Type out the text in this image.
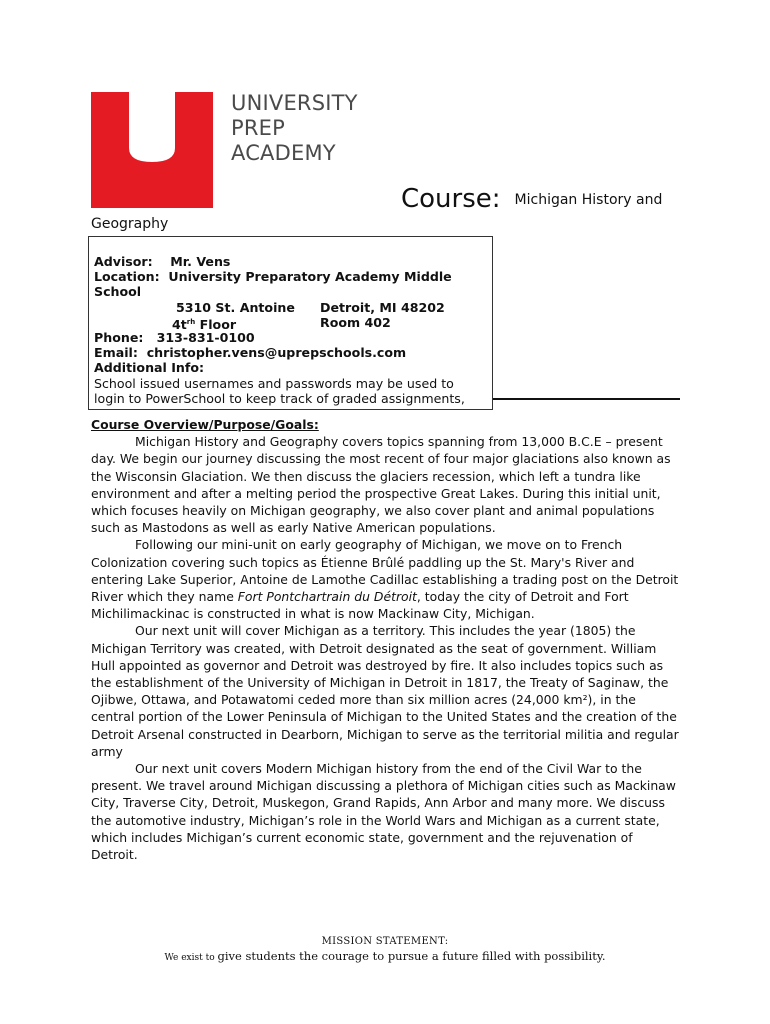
UNIVERSITY
PREP
ACADEMY
Course: Michigan History and
Geography
Advisor: Mr. Vens
Location: University Preparatory Academy Middle
School
5310 St. Antoine Detroit, MI 48202
$4t^{rh}$ Floor	Room 402
Phone: 313-831-0100
Email: christopher.vens@uprepschools.com
Additional Info:
School issued usernames and passwords may be used to
login to PowerSchool to keep track of graded assignments,
Course Overview/Purpose/Goals:

Michigan History and Geography covers topics spanning from 13,000 B.C.E – present day. We begin our journey discussing the most recent of four major glaciations also known as the Wisconsin Glaciation. We then discuss the glaciers recession, which left a tundra like environment and after a melting period the prospective Great Lakes. During this initial unit, which focuses heavily on Michigan geography, we also cover plant and animal populations such as Mastodons as well as early Native American populations.

Following our mini-unit on early geography of Michigan, we move on to French Colonization covering such topics as Étienne Brûlé paddling up the St. Mary's River and entering Lake Superior, Antoine de Lamothe Cadillac establishing a trading post on the Detroit River which they name Fort Pontchartrain du Détroit, today the city of Detroit and Fort Michilimackinac is constructed in what is now Mackinaw City, Michigan.

Our next unit will cover Michigan as a territory. This includes the year (1805) the Michigan Territory was created, with Detroit designated as the seat of government. William Hull appointed as governor and Detroit was destroyed by fire. It also includes topics such as the establishment of the University of Michigan in Detroit in 1817, the Treaty of Saginaw, the Ojibwe, Ottawa, and Potawatomi ceded more than six million acres (24,000 km²), in the central portion of the Lower Peninsula of Michigan to the United States and the creation of the Detroit Arsenal constructed in Dearborn, Michigan to serve as the territorial militia and regular army

Our next unit covers Modern Michigan history from the end of the Civil War to the present. We travel around Michigan discussing a plethora of Michigan cities such as Mackinaw City, Traverse City, Detroit, Muskegon, Grand Rapids, Ann Arbor and many more. We discuss the automotive industry, Michigan’s role in the World Wars and Michigan as a current state, which includes Michigan’s current economic state, government and the rejuvenation of Detroit.

MISSION STATEMENT:
We exist to give students the courage to pursue a future filled with possibility.
